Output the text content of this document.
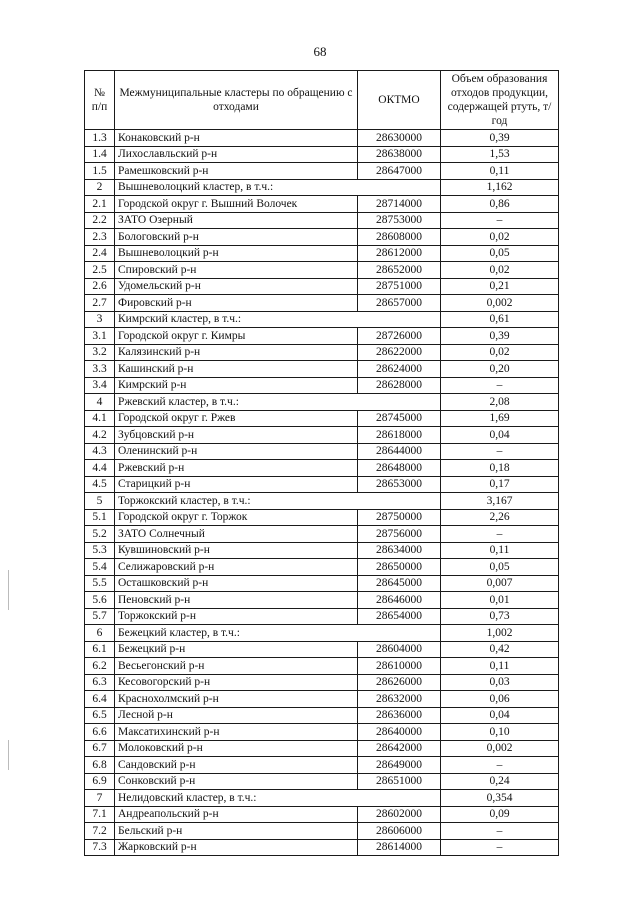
68
№ п/п	Межмуниципальные кластеры по обращению с отходами	ОКТМО	Объем образования отходов продукции, содержащей ртуть, т/год
1.3	Конаковский р-н	28630000	0,39
1.4	Лихославльский р-н	28638000	1,53
1.5	Рамешковский р-н	28647000	0,11
2	Вышневолоцкий кластер, в т.ч.:		1,162
2.1	Городской округ г. Вышний Волочек	28714000	0,86
2.2	ЗАТО Озерный	28753000	–
2.3	Бологовский р-н	28608000	0,02
2.4	Вышневолоцкий р-н	28612000	0,05
2.5	Спировский р-н	28652000	0,02
2.6	Удомельский р-н	28751000	0,21
2.7	Фировский р-н	28657000	0,002
3	Кимрский кластер, в т.ч.:		0,61
3.1	Городской округ г. Кимры	28726000	0,39
3.2	Калязинский р-н	28622000	0,02
3.3	Кашинский р-н	28624000	0,20
3.4	Кимрский р-н	28628000	–
4	Ржевский кластер, в т.ч.:		2,08
4.1	Городской округ г. Ржев	28745000	1,69
4.2	Зубцовский р-н	28618000	0,04
4.3	Оленинский р-н	28644000	–
4.4	Ржевский р-н	28648000	0,18
4.5	Старицкий р-н	28653000	0,17
5	Торжокский кластер, в т.ч.:		3,167
5.1	Городской округ г. Торжок	28750000	2,26
5.2	ЗАТО Солнечный	28756000	–
5.3	Кувшиновский р-н	28634000	0,11
5.4	Селижаровский р-н	28650000	0,05
5.5	Осташковский р-н	28645000	0,007
5.6	Пеновский р-н	28646000	0,01
5.7	Торжокский р-н	28654000	0,73
6	Бежецкий кластер, в т.ч.:		1,002
6.1	Бежецкий р-н	28604000	0,42
6.2	Весьегонский р-н	28610000	0,11
6.3	Кесовогорский р-н	28626000	0,03
6.4	Краснохолмский р-н	28632000	0,06
6.5	Лесной р-н	28636000	0,04
6.6	Максатихинский р-н	28640000	0,10
6.7	Молоковский р-н	28642000	0,002
6.8	Сандовский р-н	28649000	–
6.9	Сонковский р-н	28651000	0,24
7	Нелидовский кластер, в т.ч.:		0,354
7.1	Андреапольский р-н	28602000	0,09
7.2	Бельский р-н	28606000	–
7.3	Жарковский р-н	28614000	–
